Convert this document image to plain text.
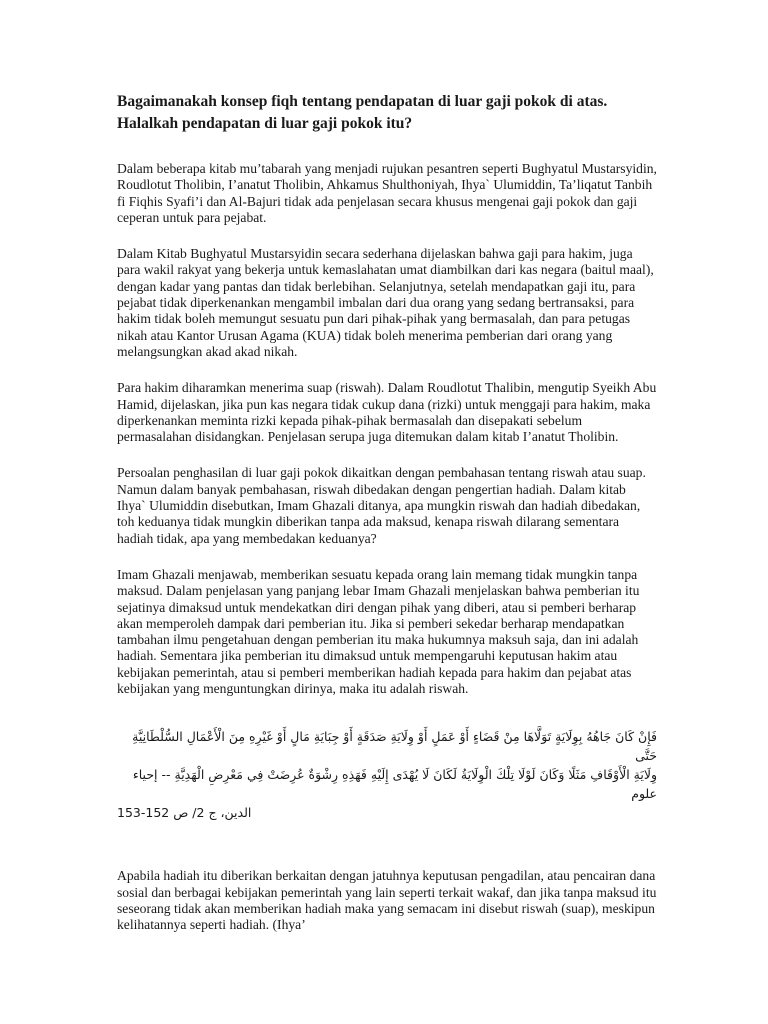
Bagaimanakah konsep fiqh tentang pendapatan di luar gaji pokok di atas. Halalkah pendapatan di luar gaji pokok itu?

Dalam beberapa kitab mu’tabarah yang menjadi rujukan pesantren seperti Bughyatul Mustarsyidin, Roudlotut Tholibin, I’anatut Tholibin, Ahkamus Shulthoniyah, Ihya` Ulumiddin, Ta’liqatut Tanbih fi Fiqhis Syafi’i dan Al-Bajuri tidak ada penjelasan secara khusus mengenai gaji pokok dan gaji ceperan untuk para pejabat.

Dalam Kitab Bughyatul Mustarsyidin secara sederhana dijelaskan bahwa gaji para hakim, juga para wakil rakyat yang bekerja untuk kemaslahatan umat diambilkan dari kas negara (baitul maal), dengan kadar yang pantas dan tidak berlebihan. Selanjutnya, setelah mendapatkan gaji itu, para pejabat tidak diperkenankan mengambil imbalan dari dua orang yang sedang bertransaksi, para hakim tidak boleh memungut sesuatu pun dari pihak-pihak yang bermasalah, dan para petugas nikah atau Kantor Urusan Agama (KUA) tidak boleh menerima pemberian dari orang yang melangsungkan akad akad nikah.

Para hakim diharamkan menerima suap (riswah). Dalam Roudlotut Thalibin, mengutip Syeikh Abu Hamid, dijelaskan, jika pun kas negara tidak cukup dana (rizki) untuk menggaji para hakim, maka diperkenankan meminta rizki kepada pihak-pihak bermasalah dan disepakati sebelum permasalahan disidangkan. Penjelasan serupa juga ditemukan dalam kitab I’anatut Tholibin.

Persoalan penghasilan di luar gaji pokok dikaitkan dengan pembahasan tentang riswah atau suap. Namun dalam banyak pembahasan, riswah dibedakan dengan pengertian hadiah. Dalam kitab Ihya` Ulumiddin disebutkan, Imam Ghazali ditanya, apa mungkin riswah dan hadiah dibedakan, toh keduanya tidak mungkin diberikan tanpa ada maksud, kenapa riswah dilarang sementara hadiah tidak, apa yang membedakan keduanya?

Imam Ghazali menjawab, memberikan sesuatu kepada orang lain memang tidak mungkin tanpa maksud. Dalam penjelasan yang panjang lebar Imam Ghazali menjelaskan bahwa pemberian itu sejatinya dimaksud untuk mendekatkan diri dengan pihak yang diberi, atau si pemberi berharap akan memperoleh dampak dari pemberian itu. Jika si pemberi sekedar berharap mendapatkan tambahan ilmu pengetahuan dengan pemberian itu maka hukumnya maksuh saja, dan ini adalah hadiah. Sementara jika pemberian itu dimaksud untuk mempengaruhi keputusan hakim atau kebijakan pemerintah, atau si pemberi memberikan hadiah kepada para hakim dan pejabat atas kebijakan yang menguntungkan dirinya, maka itu adalah riswah.

فَإِنْ كَانَ جَاهُهُ بِوِلَايَةٍ تَوَلَّاهَا مِنْ قَضَاءٍ أَوْ عَمَلٍ أَوْ وِلَايَةِ صَدَقَةٍ أَوْ جِبَايَةِ مَالٍ أَوْ غَيْرِهِ مِنَ الْأَعْمَالِ السُّلْطَانِيَّةِ حَتَّى

وِلَايَةِ الْأَوْقَافِ مَثَلًا وَكَانَ لَوْلَا تِلْكَ الْوِلَايَةُ لَكَانَ لَا يُهْدَى إِلَيْهِ فَهَذِهِ رِشْوَةٌ عُرِضَتْ فِي مَعْرِضِ الْهَدِيَّةِ -- إحياء علوم

الدين، ج 2/ ص 152-153

Apabila hadiah itu diberikan berkaitan dengan jatuhnya keputusan pengadilan, atau pencairan dana sosial dan berbagai kebijakan pemerintah yang lain seperti terkait wakaf, dan jika tanpa maksud itu seseorang tidak akan memberikan hadiah maka yang semacam ini disebut riswah (suap), meskipun kelihatannya seperti hadiah. (Ihya’
